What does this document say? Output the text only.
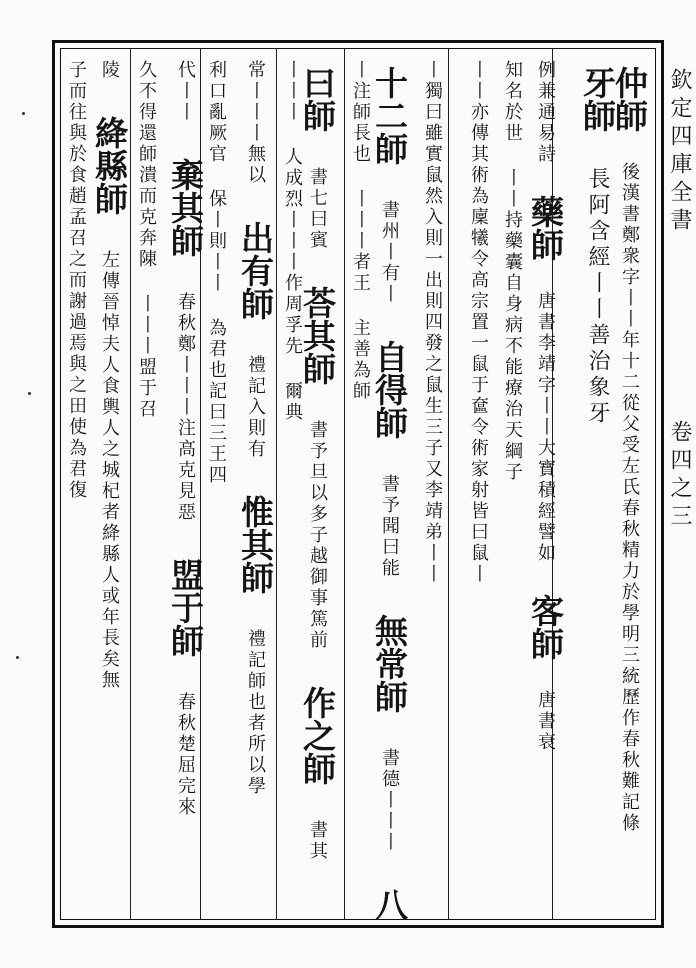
欽定四庫全書
卷四之三
牙師 長阿含經丨丨善治象牙
仲師 後漢書鄭衆字丨丨年十二從父受左氏春秋精力於學明三統歷作春秋難記條
例兼通易詩 藥師 唐書李靖字丨丨大寶積經譬如 客師 唐書衰
知名於世 丨丨持藥囊自身病不能療治天綱子
丨丨亦傳其術為廩犧令高宗置一鼠于奩令術家射皆曰鼠丨
丨獨曰雖實鼠然入則一出則四發之鼠生三子又李靖弟丨丨
十二師 書州丨有丨 自得師 書予聞曰能 無常師 書德丨丨丨 八
丨注師長也 丨丨丨者王 主善為師
曰師 書七曰賓 荅其師 書予旦以多子越御事篤前 作之師 書其
丨丨丨 人成烈丨丨丨作周孚先 爾典
常丨丨丨無以 出有師 禮記入則有 惟其師 禮記師也者所以學
利口亂厥官 保丨則丨丨 為君也記曰三王四
代丨丨 棄其師 春秋鄭丨丨丨注高克見惡 盟于師 春秋楚屈完來
久不得還師潰而克奔陳 丨丨丨盟于召
陵 絳縣師 左傳晉悼夫人食輿人之城杞者絳縣人或年長矣無
子而往與於食趙孟召之而謝過焉與之田使為君復
